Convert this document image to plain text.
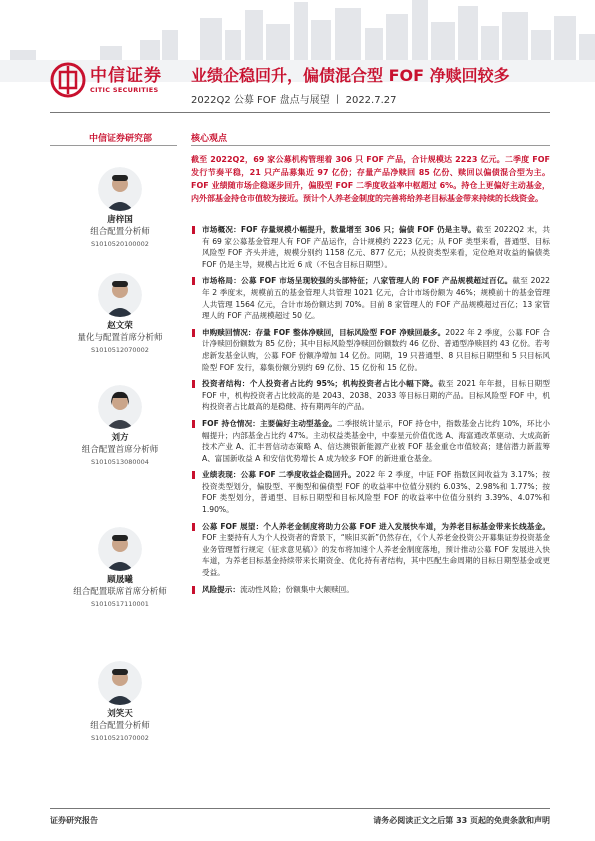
中信证券
CITIC SECURITIES
业绩企稳回升，偏债混合型 FOF 净赎回较多
2022Q2 公募 FOF 盘点与展望 丨 2022.7.27
中信证券研究部	核心观点
唐梓国
组合配置分析师
S1010520100002
赵文荣
量化与配置首席分析师
S1010512070002
刘方
组合配置首席分析师
S1010513080004
顾晟曦
组合配置联席首席分析师
S1010517110001
刘笑天
组合配置分析师
S1010521070002
截至 2022Q2，69 家公募机构管理着 306 只 FOF 产品，合计规模达 2223 亿元。二季度 FOF 发行节奏平稳，21 只产品募集近 97 亿份；存量产品净赎回 85 亿份、赎回以偏债混合型为主。FOF 业绩随市场企稳逐步回升，偏股型 FOF 二季度收益率中枢超过 6%。持仓上更偏好主动基金，内外部基金持仓市值较为接近。预计个人养老金制度的完善将给养老目标基金带来持续的长线资金。
市场概况：FOF 存量规模小幅提升，数量增至 306 只；偏债 FOF 仍是主导。截至 2022Q2 末，共有 69 家公募基金管理人有 FOF 产品运作，合计规模约 2223 亿元；从 FOF 类型来看，普通型、目标风险型 FOF 齐头并进，规模分别约 1158 亿元、877 亿元；从投资类型来看，定位绝对收益的偏债类 FOF 仍是主导，规模占比近 6 成（不包含目标日期型）。
市场格局：公募 FOF 市场呈现较强的头部特征；八家管理人的 FOF 产品规模超过百亿。截至 2022 年 2 季度末，规模前五的基金管理人共管理 1021 亿元，合计市场份额为 46%；规模前十的基金管理人共管理 1564 亿元，合计市场份额达到 70%。目前 8 家管理人的 FOF 产品规模超过百亿；13 家管理人的 FOF 产品规模超过 50 亿。
申购赎回情况：存量 FOF 整体净赎回，目标风险型 FOF 净赎回最多。2022 年 2 季度，公募 FOF 合计净赎回份额数为 85 亿份；其中目标风险型净赎回份额数约 46 亿份、普通型净赎回约 43 亿份。若考虑新发基金认购，公募 FOF 份额净增加 14 亿份。同期，19 只普通型、8 只目标日期型和 5 只目标风险型 FOF 发行，募集份额分别约 69 亿份、15 亿份和 15 亿份。
投资者结构：个人投资者占比约 95%；机构投资者占比小幅下降。截至 2021 年年报，目标日期型 FOF 中，机构投资者占比较高的是 2043、2038、2033 等目标日期的产品。目标风险型 FOF 中，机构投资者占比最高的是稳健、持有期两年的产品。
FOF 持仓情况：主要偏好主动型基金。二季报统计显示，FOF 持仓中，指数基金占比约 10%，环比小幅提升；内部基金占比约 47%。主动权益类基金中，中泰星元价值优选 A、海富通改革驱动、大成高新技术产业 A、汇丰晋信动态策略 A、信达澳银新能源产业被 FOF 基金重仓市值较高；建信潜力新蓝筹 A、富国新收益 A 和安信优势增长 A 成为较多 FOF 的新进重仓基金。
业绩表现：公募 FOF 二季度收益企稳回升。2022 年 2 季度，中证 FOF 指数区间收益为 3.17%；按投资类型划分，偏股型、平衡型和偏债型 FOF 的收益率中位值分别约 6.03%、2.98%和 1.77%；按 FOF 类型划分，普通型、目标日期型和目标风险型 FOF 的收益率中位值分别约 3.39%、4.07%和 1.90%。
公募 FOF 展望：个人养老金制度将助力公募 FOF 进入发展快车道，为养老目标基金带来长线基金。FOF 主要持有人为个人投资者的背景下，“赎旧买新”仍然存在，《个人养老金投资公开募集证券投资基金业务管理暂行规定（征求意见稿）》的发布将加速个人养老金制度落地，预计推动公募 FOF 发展进入快车道，为养老目标基金持续带来长期资金、优化持有者结构，其中匹配生命周期的目标日期型基金或更受益。
风险提示：流动性风险；份额集中大额赎回。
证券研究报告	请务必阅读正文之后第 33 页起的免责条款和声明
